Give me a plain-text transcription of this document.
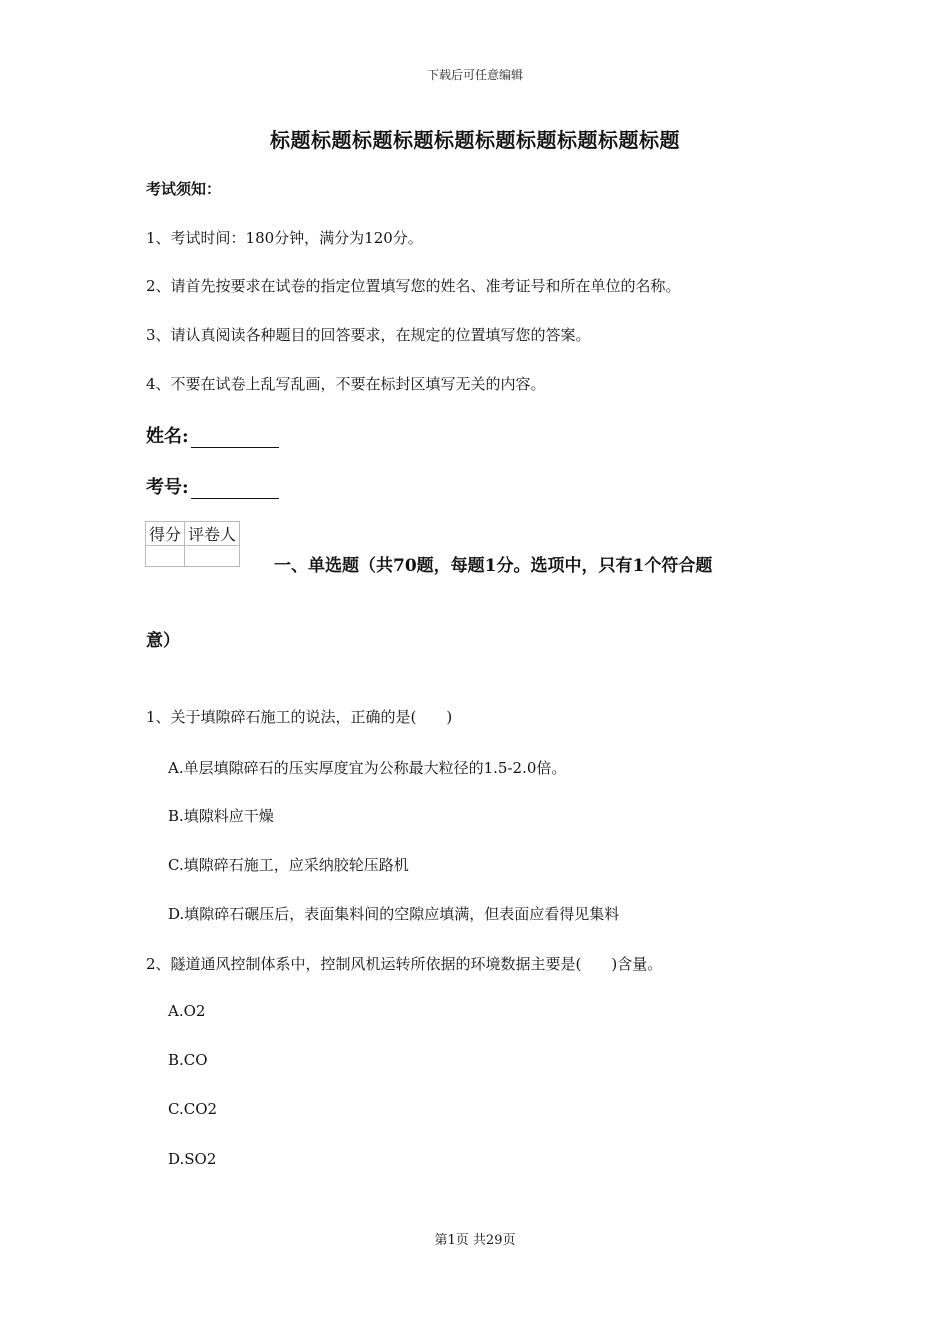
下载后可任意编辑
标题标题标题标题标题标题标题标题标题标题
考试须知：
1、考试时间：180分钟，满分为120分。
2、请首先按要求在试卷的指定位置填写您的姓名、准考证号和所在单位的名称。
3、请认真阅读各种题目的回答要求，在规定的位置填写您的答案。
4、不要在试卷上乱写乱画，不要在标封区填写无关的内容。
姓名:
考号:
得分	评卷人

一、单选题（共70题，每题1分。选项中，只有1个符合题
意）
1、关于填隙碎石施工的说法，正确的是(　　)
A.单层填隙碎石的压实厚度宜为公称最大粒径的1.5-2.0倍。
B.填隙料应干燥
C.填隙碎石施工，应采纳胶轮压路机
D.填隙碎石碾压后，表面集料间的空隙应填满，但表面应看得见集料
2、隧道通风控制体系中，控制风机运转所依据的环境数据主要是(　　)含量。
A.O2
B.CO
C.CO2
D.SO2
第1页 共29页
